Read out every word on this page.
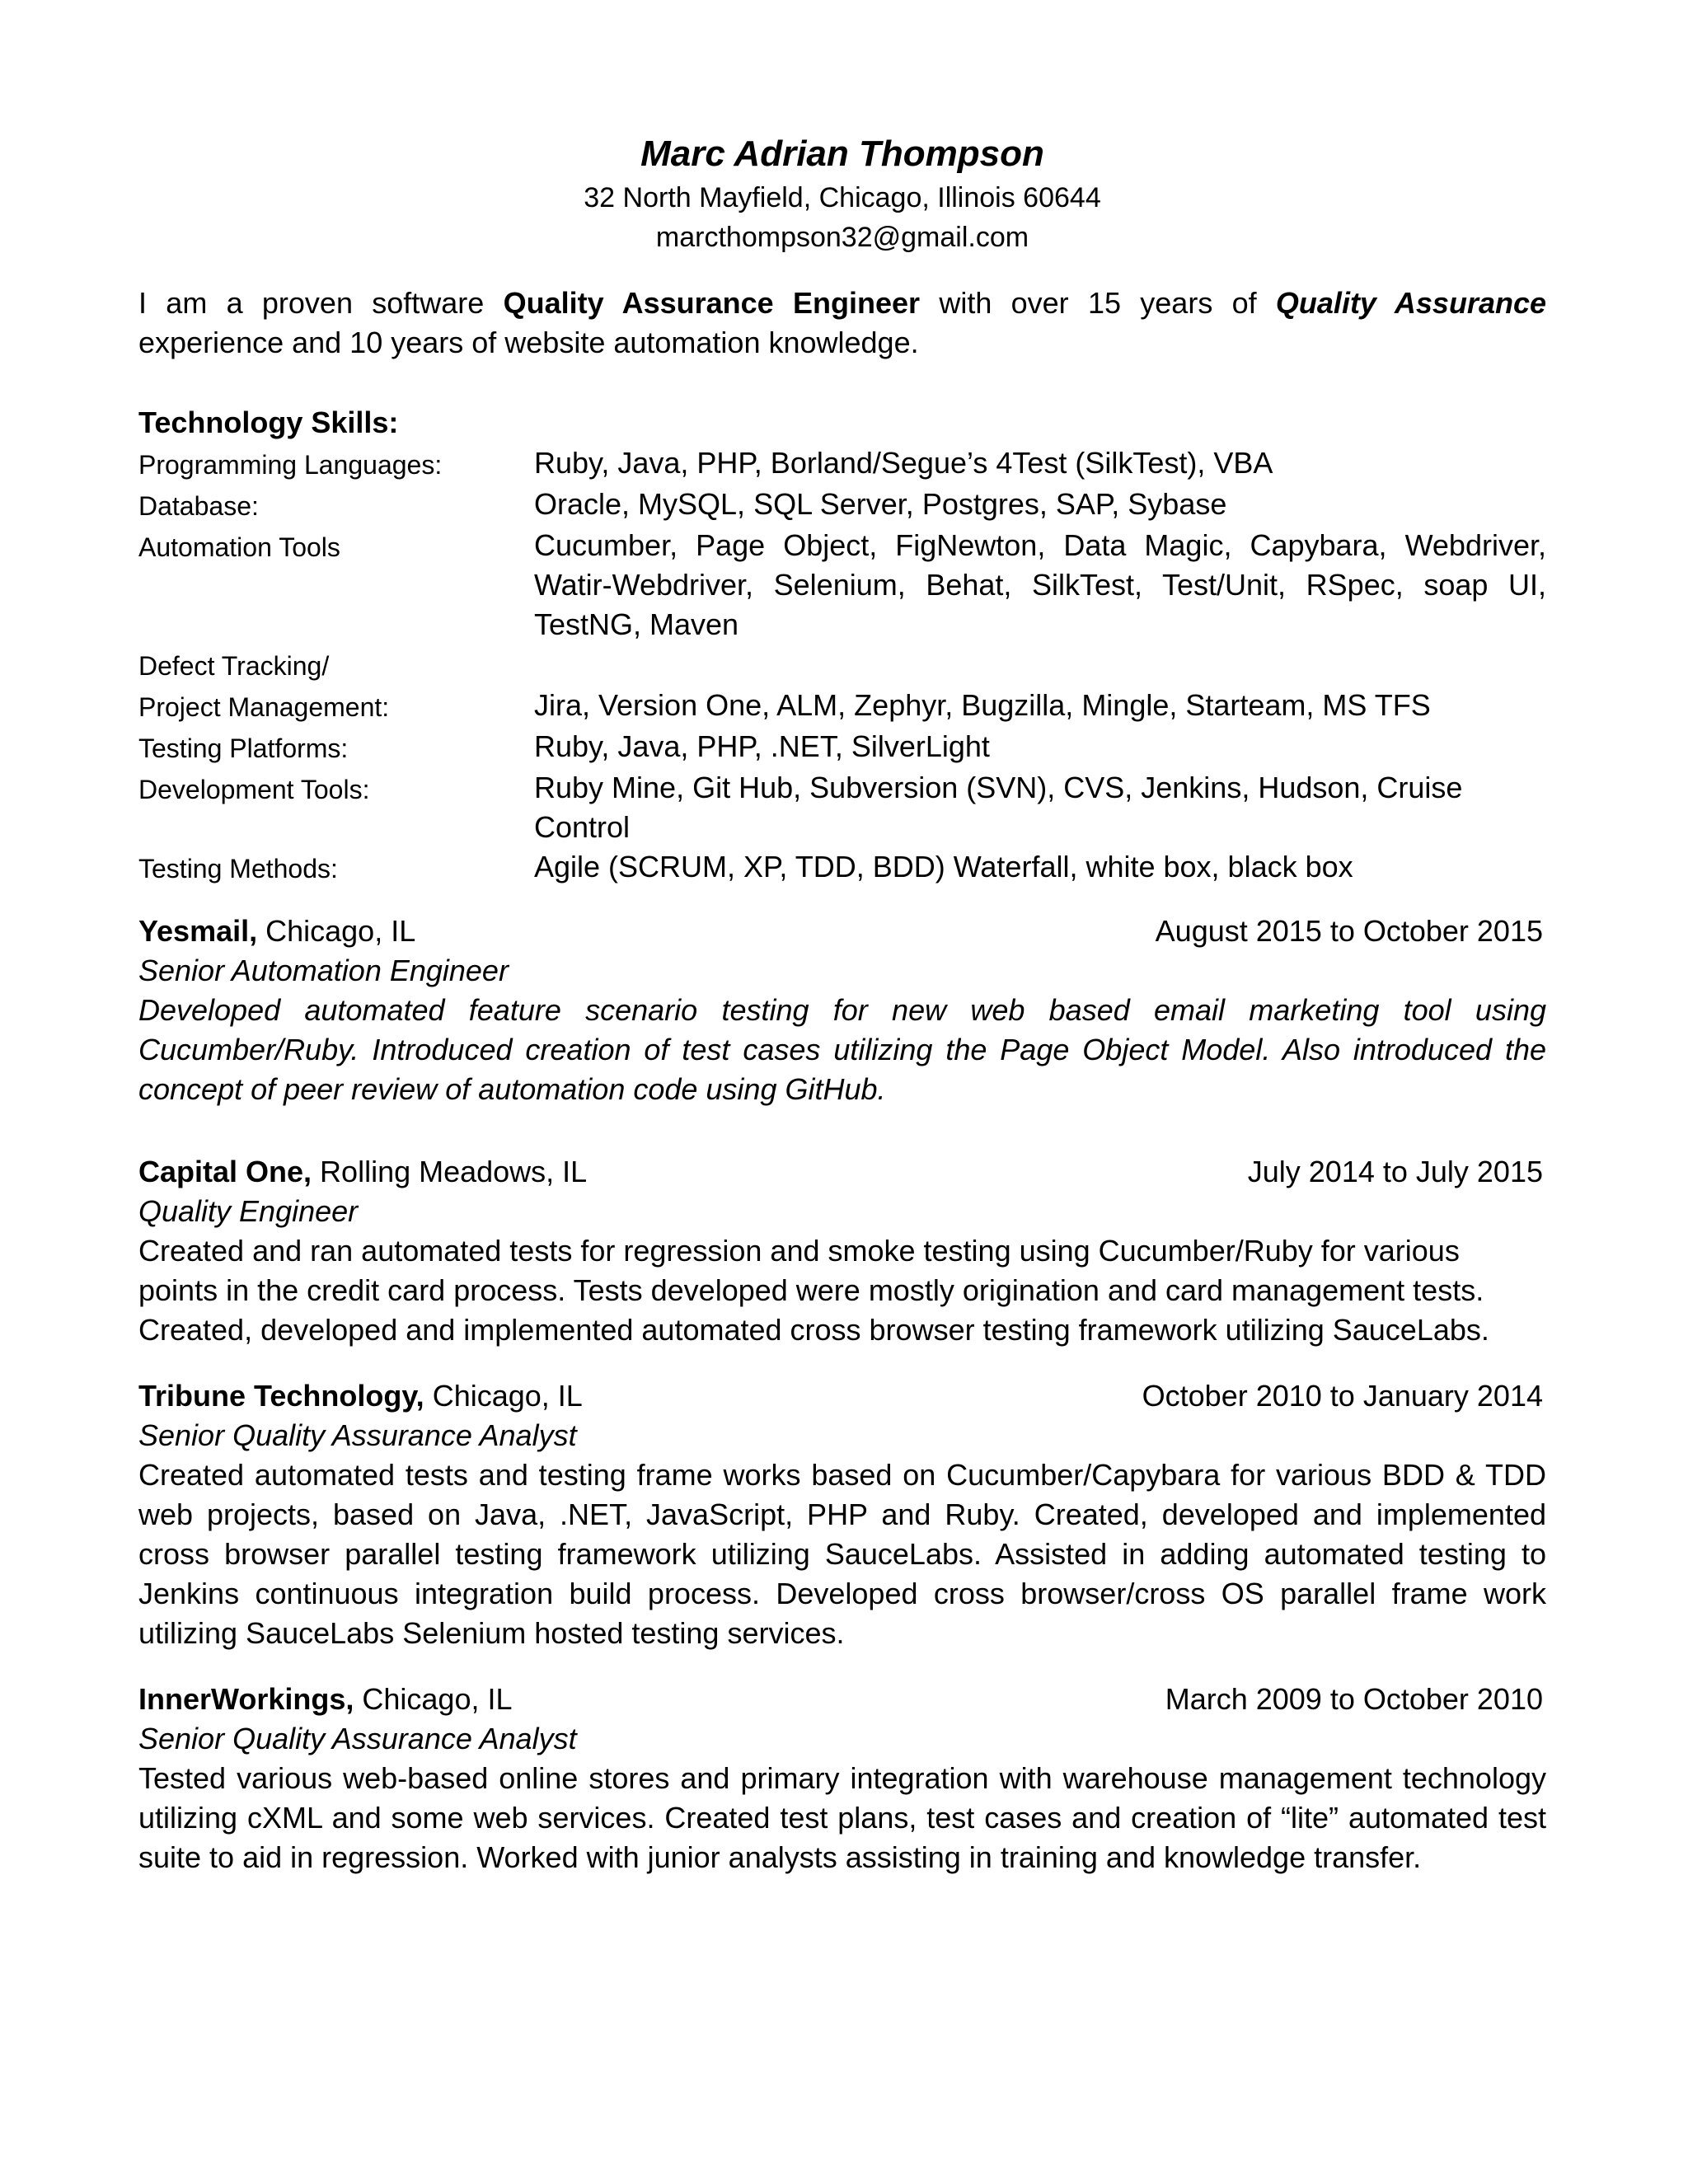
Marc Adrian Thompson
32 North Mayfield, Chicago, Illinois 60644
marcthompson32@gmail.com
I am a proven software Quality Assurance Engineer with over 15 years of Quality Assurance experience and 10 years of website automation knowledge.
Technology Skills:
Programming Languages:	Ruby, Java, PHP, Borland/Segue’s 4Test (SilkTest), VBA
Database:	Oracle, MySQL, SQL Server, Postgres, SAP, Sybase
Automation Tools	Cucumber, Page Object, FigNewton, Data Magic, Capybara, Webdriver, Watir-Webdriver, Selenium, Behat, SilkTest, Test/Unit, RSpec, soap UI, TestNG, Maven
Defect Tracking/
Project Management:	Jira, Version One, ALM, Zephyr, Bugzilla, Mingle, Starteam, MS TFS
Testing Platforms:	Ruby, Java, PHP, .NET, SilverLight
Development Tools:	Ruby Mine, Git Hub, Subversion (SVN), CVS, Jenkins, Hudson, Cruise Control
Testing Methods:	Agile (SCRUM, XP, TDD, BDD) Waterfall, white box, black box
Yesmail, Chicago, IL	August 2015 to October 2015
Senior Automation Engineer
Developed automated feature scenario testing for new web based email marketing tool using Cucumber/Ruby. Introduced creation of test cases utilizing the Page Object Model. Also introduced the concept of peer review of automation code using GitHub.
Capital One, Rolling Meadows, IL	July 2014 to July 2015
Quality Engineer
Created and ran automated tests for regression and smoke testing using Cucumber/Ruby for various
points in the credit card process. Tests developed were mostly origination and card management tests.
Created, developed and implemented automated cross browser testing framework utilizing SauceLabs.
Tribune Technology, Chicago, IL	October 2010 to January 2014
Senior Quality Assurance Analyst
Created automated tests and testing frame works based on Cucumber/Capybara for various BDD & TDD web projects, based on Java, .NET, JavaScript, PHP and Ruby. Created, developed and implemented cross browser parallel testing framework utilizing SauceLabs. Assisted in adding automated testing to Jenkins continuous integration build process. Developed cross browser/cross OS parallel frame work utilizing SauceLabs Selenium hosted testing services.
InnerWorkings, Chicago, IL	March 2009 to October 2010
Senior Quality Assurance Analyst
Tested various web-based online stores and primary integration with warehouse management technology utilizing cXML and some web services. Created test plans, test cases and creation of “lite” automated test suite to aid in regression. Worked with junior analysts assisting in training and knowledge transfer.
